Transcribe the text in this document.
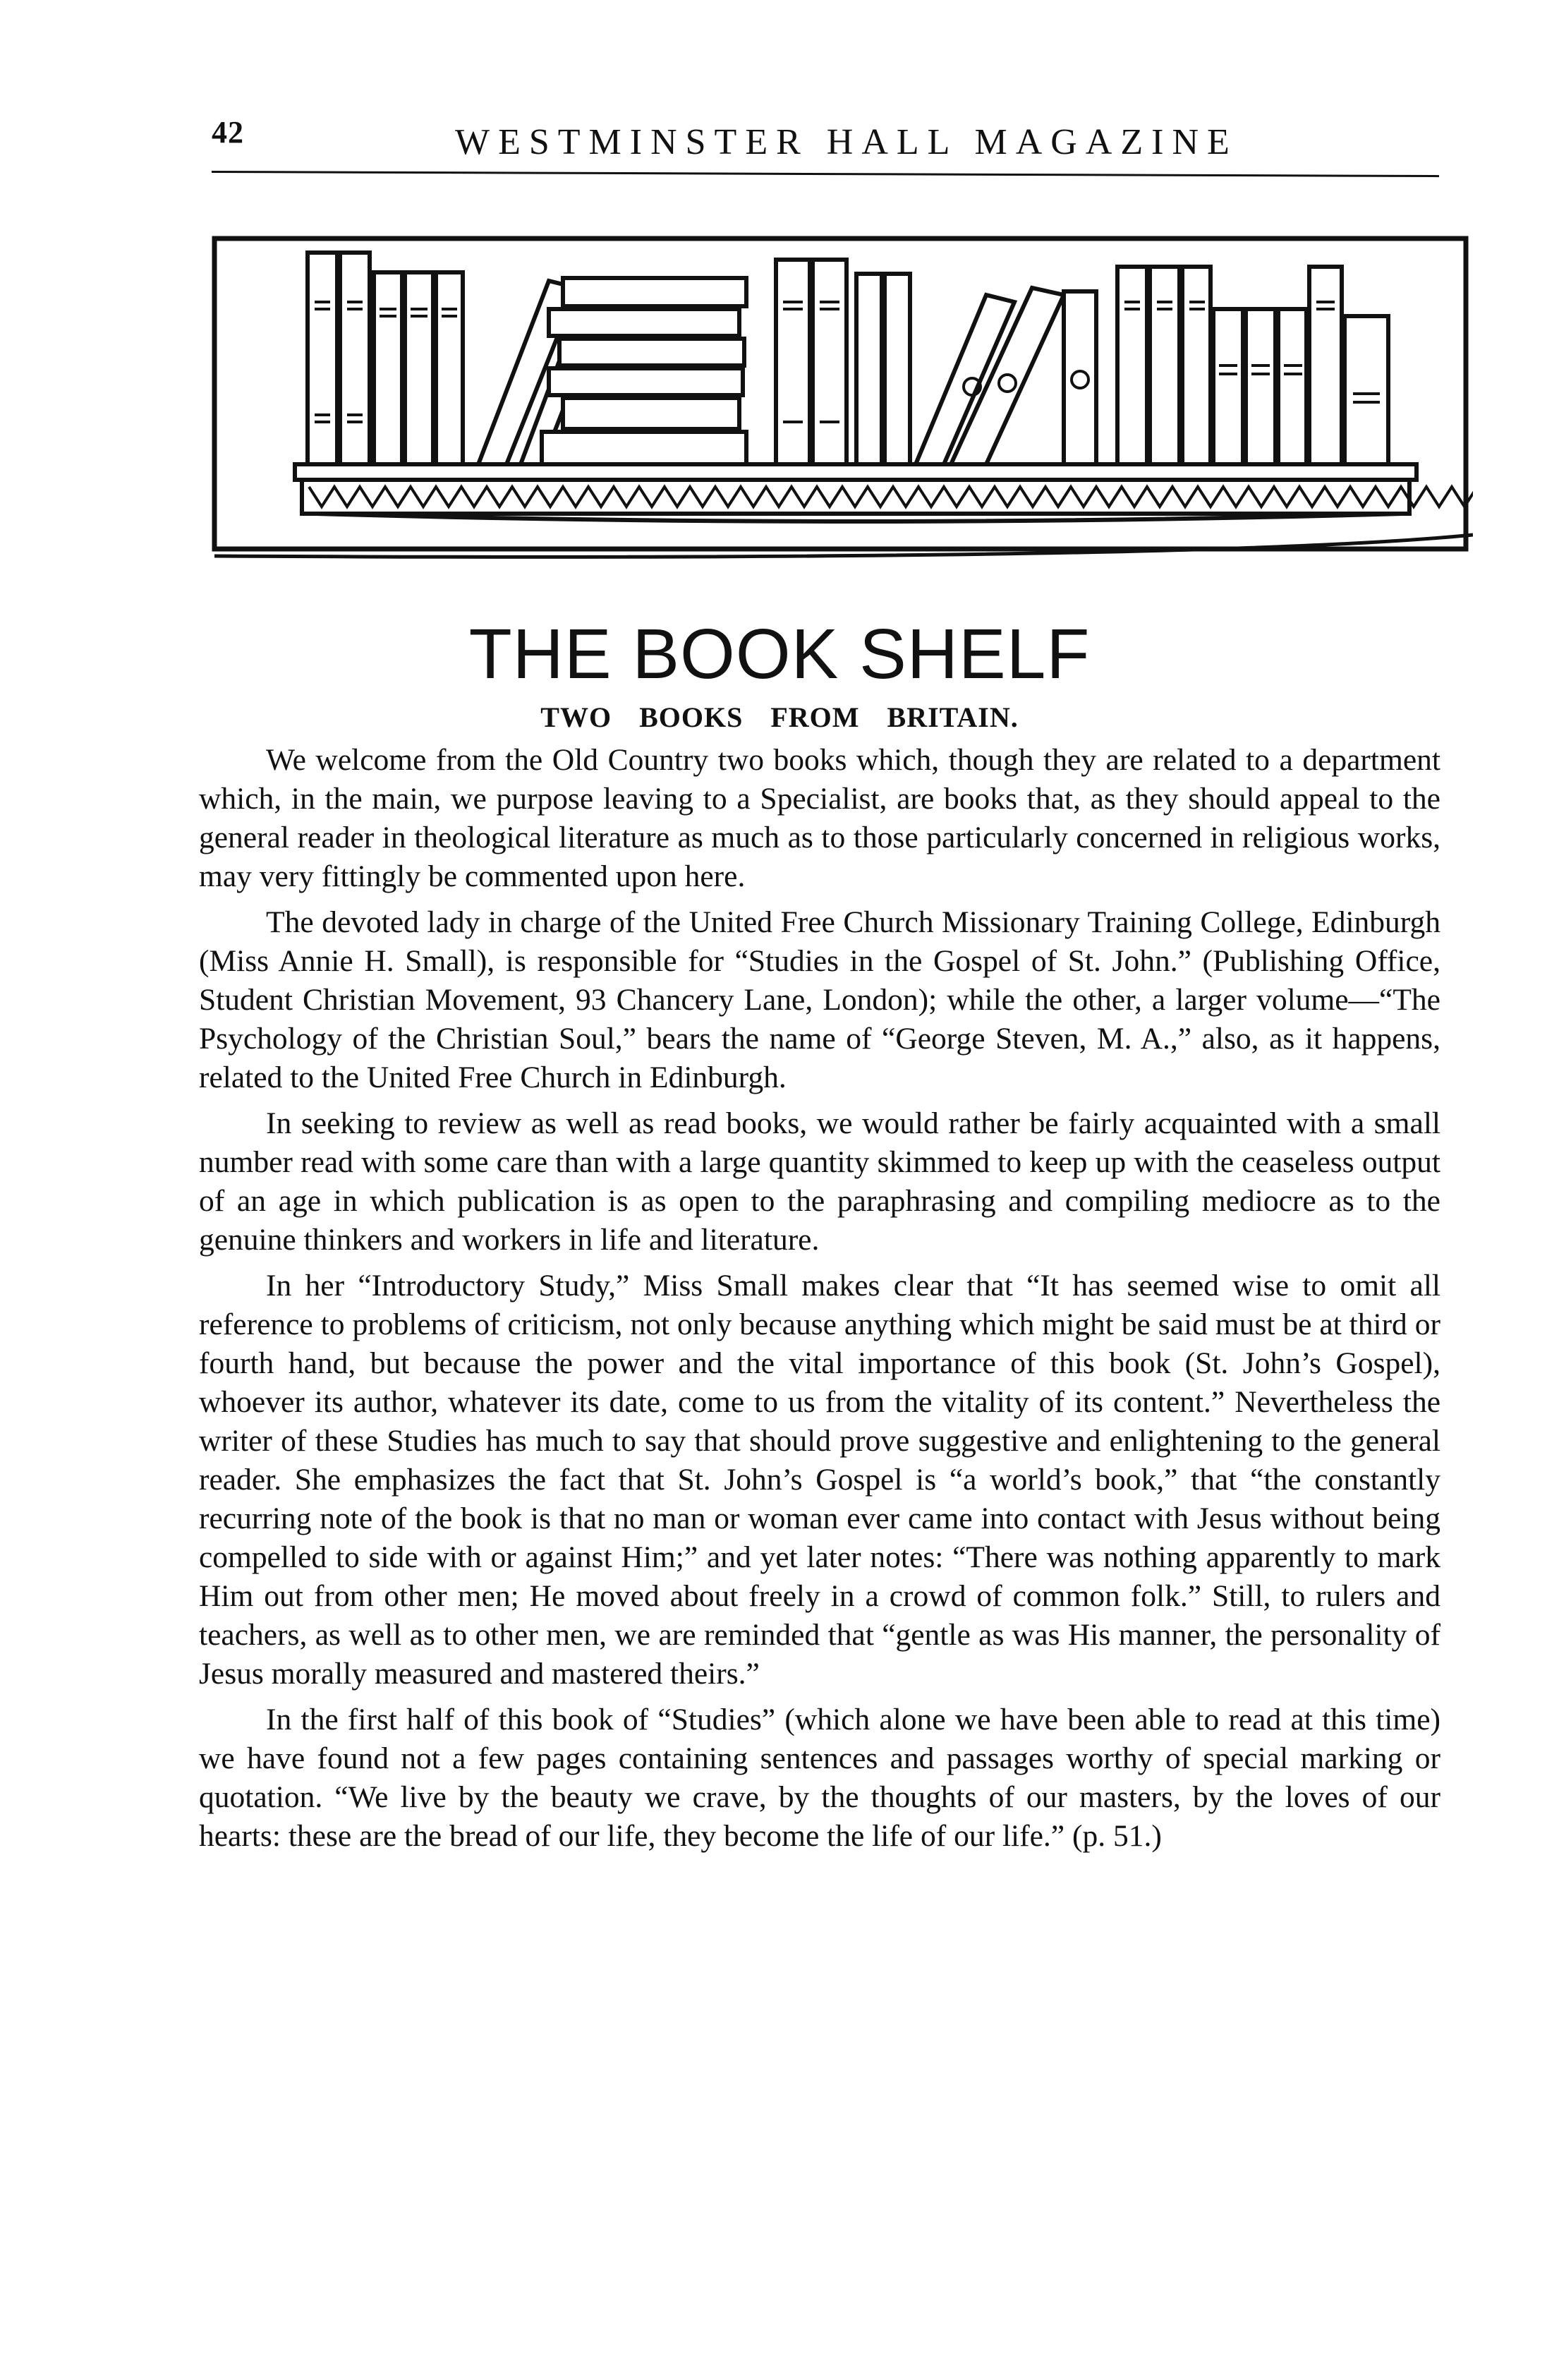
42	WESTMINSTER HALL MAGAZINE
THE BOOK SHELF
TWO BOOKS FROM BRITAIN.

We welcome from the Old Country two books which, though they are related to a department which, in the main, we purpose leaving to a Specialist, are books that, as they should appeal to the general reader in theological literature as much as to those particularly concerned in religious works, may very fittingly be commented upon here.

The devoted lady in charge of the United Free Church Missionary Training College, Edinburgh (Miss Annie H. Small), is responsible for “Studies in the Gospel of St. John.” (Publishing Office, Student Christian Movement, 93 Chancery Lane, London); while the other, a larger volume—“The Psychology of the Christian Soul,” bears the name of “George Steven, M. A.,” also, as it happens, related to the United Free Church in Edinburgh.

In seeking to review as well as read books, we would rather be fairly acquainted with a small number read with some care than with a large quantity skimmed to keep up with the ceaseless output of an age in which publication is as open to the paraphrasing and compiling mediocre as to the genuine thinkers and workers in life and literature.

In her “Introductory Study,” Miss Small makes clear that “It has seemed wise to omit all reference to problems of criticism, not only because anything which might be said must be at third or fourth hand, but because the power and the vital importance of this book (St. John’s Gospel), whoever its author, whatever its date, come to us from the vitality of its content.” Nevertheless the writer of these Studies has much to say that should prove suggestive and enlightening to the general reader. She emphasizes the fact that St. John’s Gospel is “a world’s book,” that “the constantly recurring note of the book is that no man or woman ever came into contact with Jesus without being compelled to side with or against Him;” and yet later notes: “There was nothing apparently to mark Him out from other men; He moved about freely in a crowd of common folk.” Still, to rulers and teachers, as well as to other men, we are reminded that “gentle as was His manner, the personality of Jesus morally measured and mastered theirs.”

In the first half of this book of “Studies” (which alone we have been able to read at this time) we have found not a few pages containing sentences and passages worthy of special marking or quotation. “We live by the beauty we crave, by the thoughts of our masters, by the loves of our hearts: these are the bread of our life, they become the life of our life.” (p. 51.)
